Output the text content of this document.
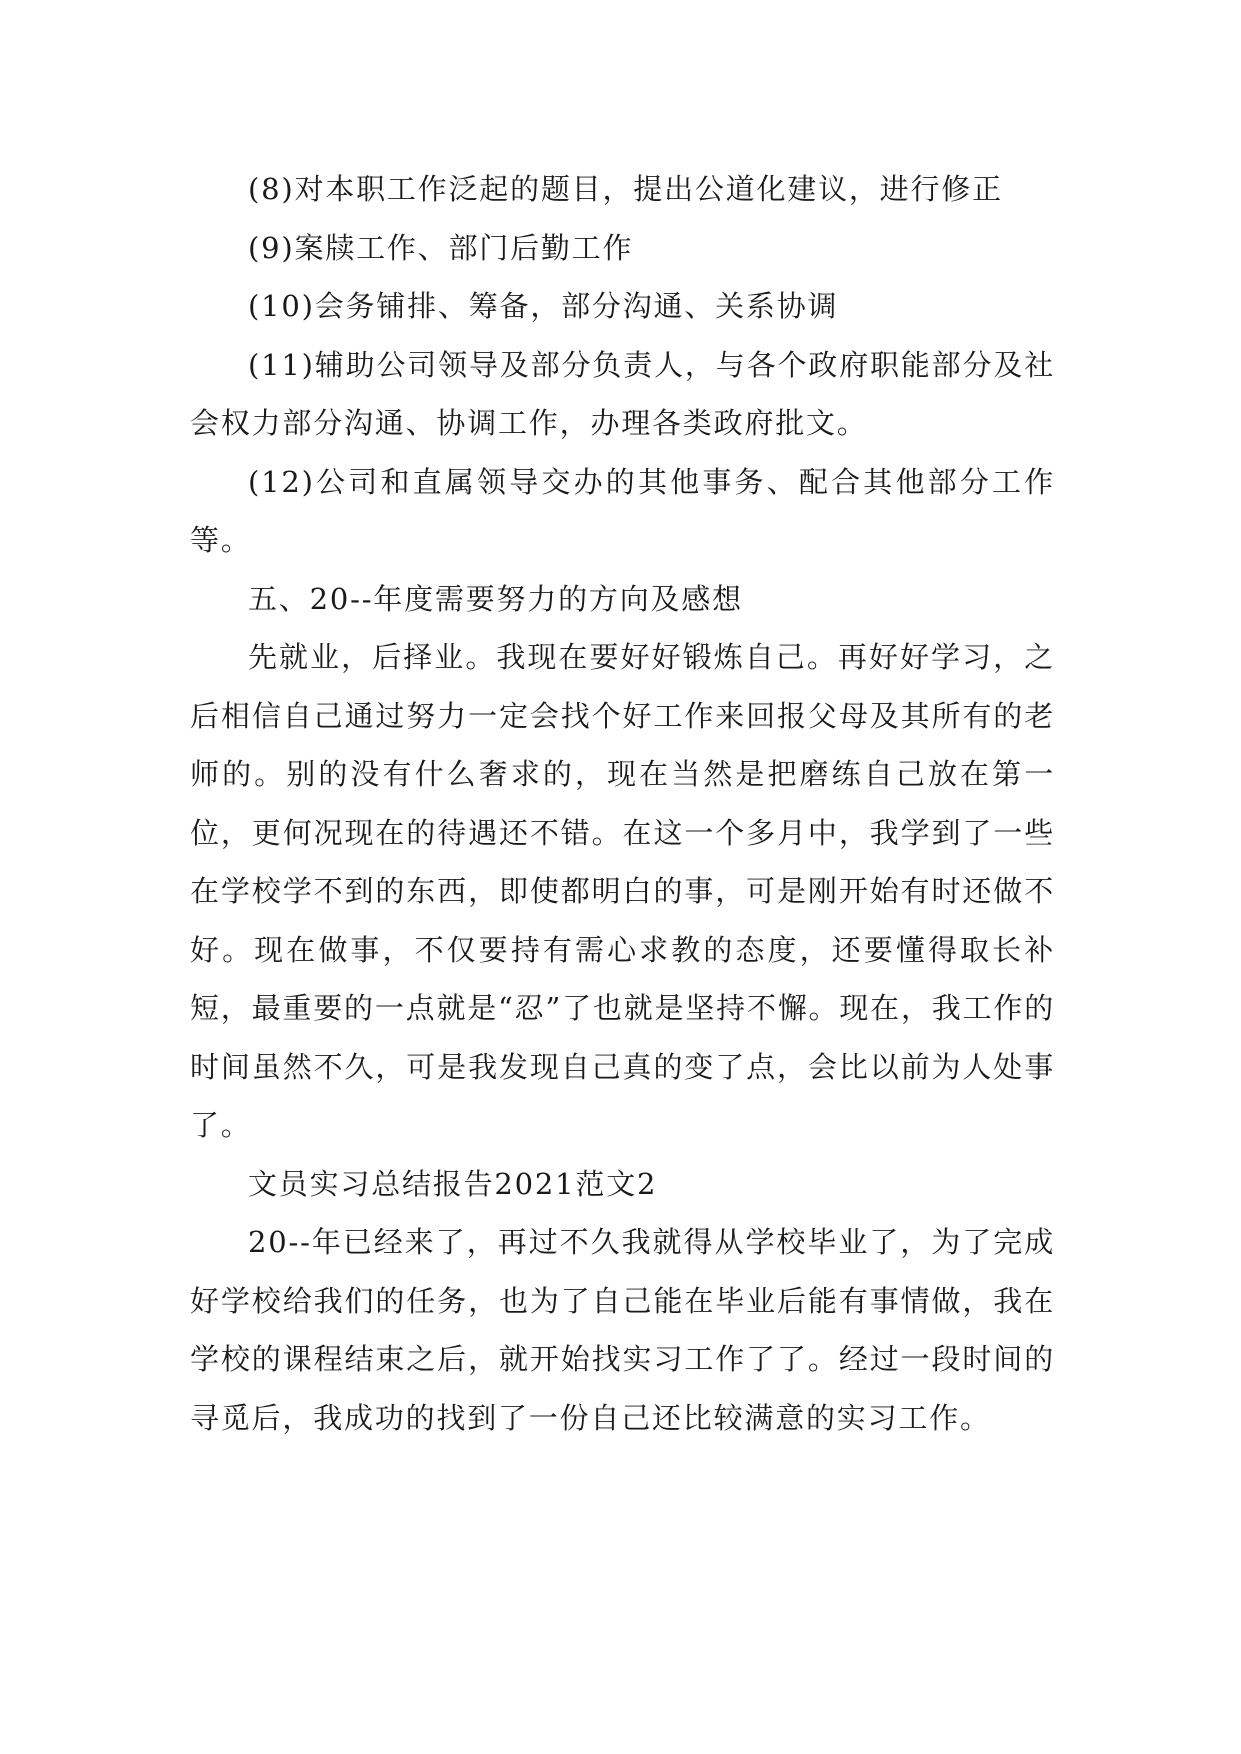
(8)对本职工作泛起的题目，提出公道化建议，进行修正

(9)案牍工作、部门后勤工作

(10)会务铺排、筹备，部分沟通、关系协调

(11)辅助公司领导及部分负责人，与各个政府职能部分及社会权力部分沟通、协调工作，办理各类政府批文。

(12)公司和直属领导交办的其他事务、配合其他部分工作等。

五、20--年度需要努力的方向及感想

先就业，后择业。我现在要好好锻炼自己。再好好学习，之后相信自己通过努力一定会找个好工作来回报父母及其所有的老师的。别的没有什么奢求的，现在当然是把磨练自己放在第一位，更何况现在的待遇还不错。在这一个多月中，我学到了一些在学校学不到的东西，即使都明白的事，可是刚开始有时还做不好。现在做事，不仅要持有需心求教的态度，还要懂得取长补短，最重要的一点就是“忍”了也就是坚持不懈。现在，我工作的时间虽然不久，可是我发现自己真的变了点，会比以前为人处事了。

文员实习总结报告2021范文2

20--年已经来了，再过不久我就得从学校毕业了，为了完成好学校给我们的任务，也为了自己能在毕业后能有事情做，我在学校的课程结束之后，就开始找实习工作了了。经过一段时间的寻觅后，我成功的找到了一份自己还比较满意的实习工作。
